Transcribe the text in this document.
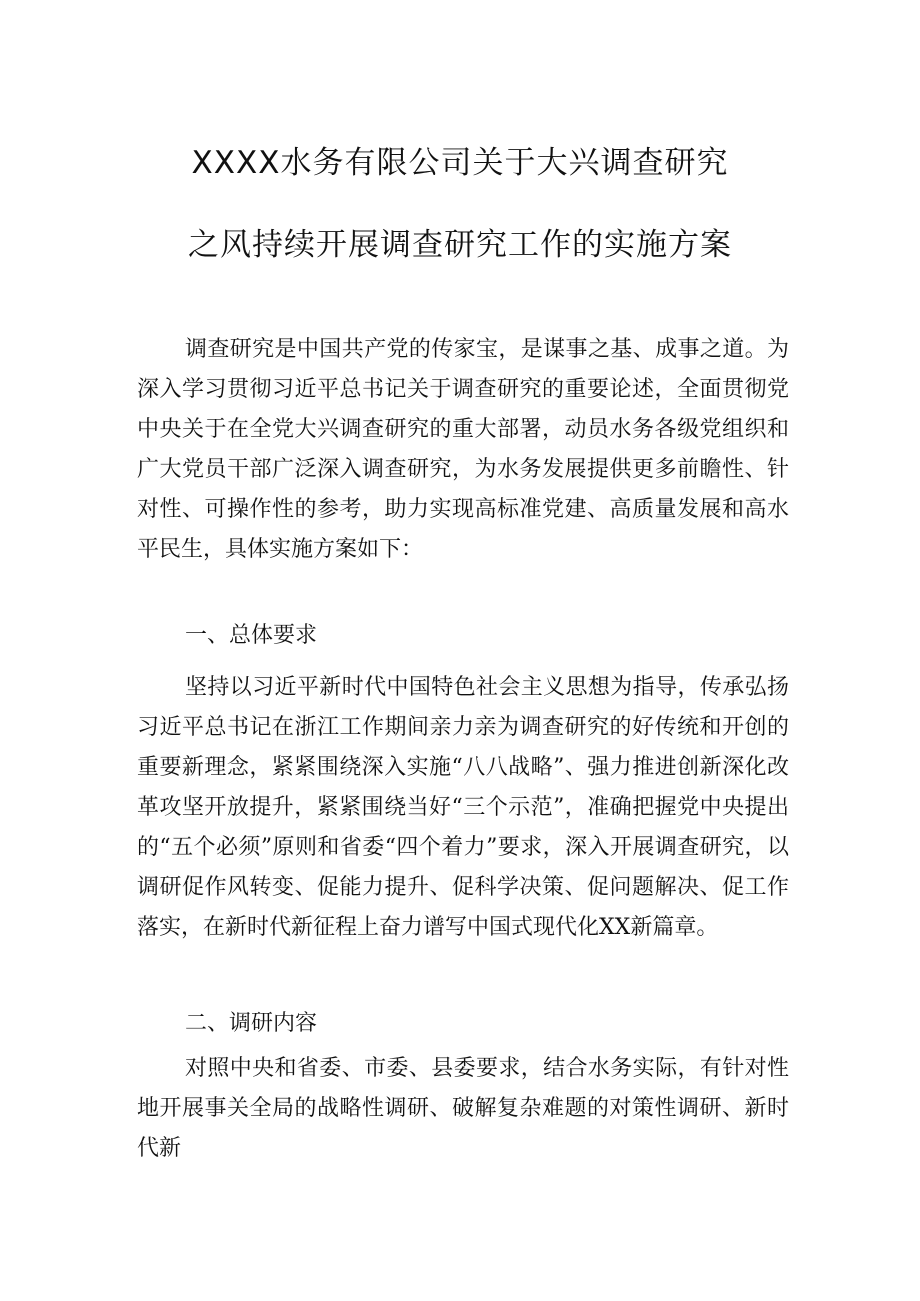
XXXX水务有限公司关于大兴调查研究
之风持续开展调查研究工作的实施方案
调查研究是中国共产党的传家宝，是谋事之基、成事之道。为深入学习贯彻习近平总书记关于调查研究的重要论述，全面贯彻党中央关于在全党大兴调查研究的重大部署，动员水务各级党组织和广大党员干部广泛深入调查研究，为水务发展提供更多前瞻性、针对性、可操作性的参考，助力实现高标准党建、高质量发展和高水平民生，具体实施方案如下：
一、总体要求
坚持以习近平新时代中国特色社会主义思想为指导，传承弘扬习近平总书记在浙江工作期间亲力亲为调查研究的好传统和开创的重要新理念，紧紧围绕深入实施“八八战略”、强力推进创新深化改革攻坚开放提升，紧紧围绕当好“三个示范”，准确把握党中央提出的“五个必须”原则和省委“四个着力”要求，深入开展调查研究，以调研促作风转变、促能力提升、促科学决策、促问题解决、促工作落实，在新时代新征程上奋力谱写中国式现代化XX新篇章。
二、调研内容
对照中央和省委、市委、县委要求，结合水务实际，有针对性地开展事关全局的战略性调研、破解复杂难题的对策性调研、新时代新
